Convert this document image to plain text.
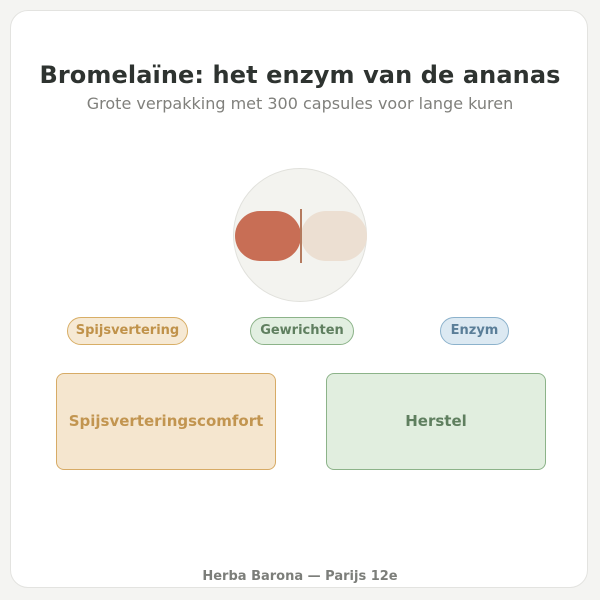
Bromelaïne: het enzym van de ananas
Grote verpakking met 300 capsules voor lange kuren
Spijsvertering	Gewrichten	Enzym
Spijsverteringscomfort	Herstel
Herba Barona — Parijs 12e
